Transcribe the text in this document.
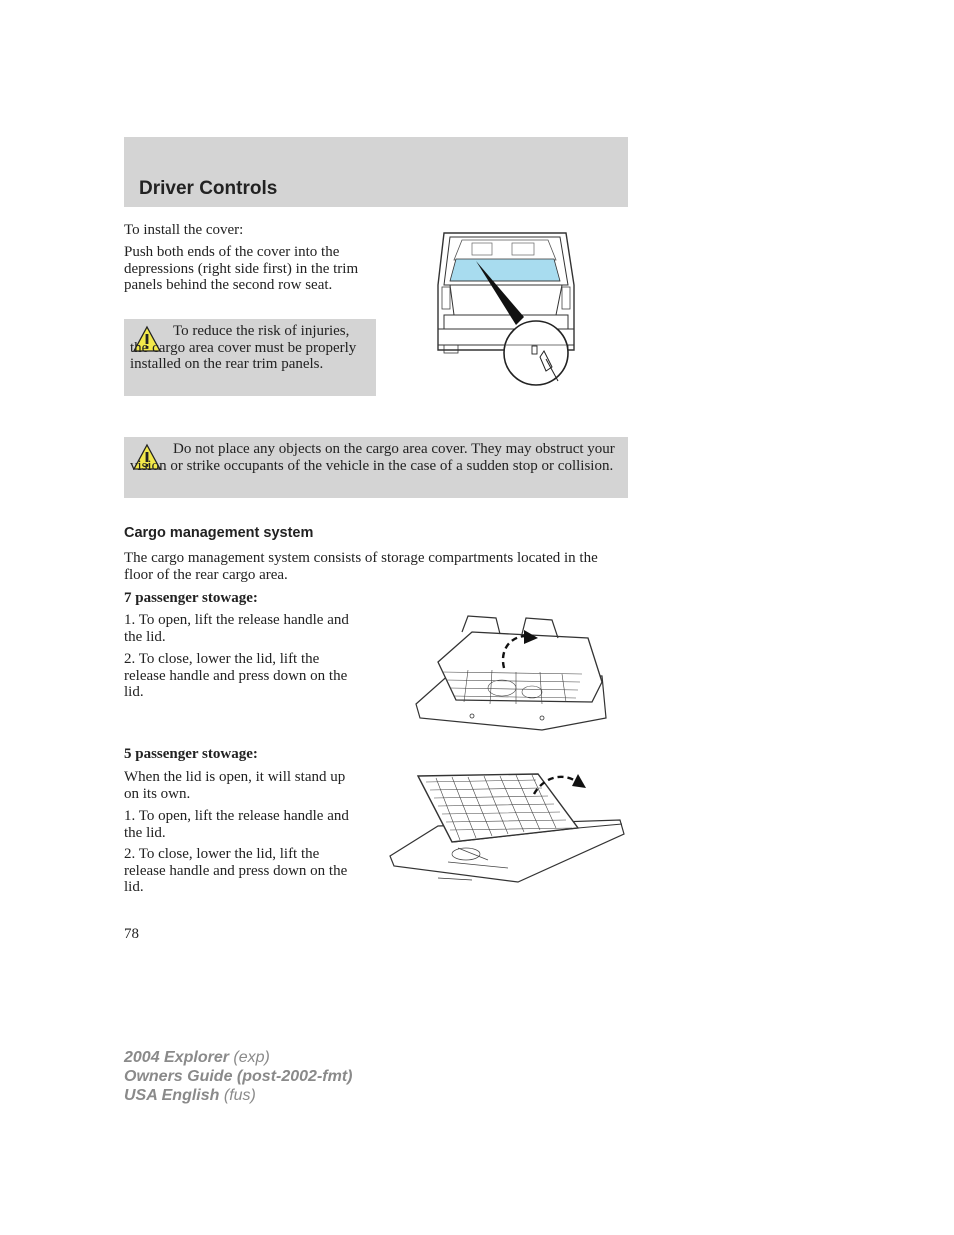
Driver Controls
To install the cover:
Push both ends of the cover into the depressions (right side first) in the trim panels behind the second row seat.
To reduce the risk of injuries, the cargo area cover must be properly installed on the rear trim panels.
Do not place any objects on the cargo area cover. They may obstruct your vision or strike occupants of the vehicle in the case of a sudden stop or collision.
Cargo management system
The cargo management system consists of storage compartments located in the floor of the rear cargo area.
7 passenger stowage:
1. To open, lift the release handle and the lid.
2. To close, lower the lid, lift the release handle and press down on the lid.
5 passenger stowage:
When the lid is open, it will stand up on its own.
1. To open, lift the release handle and the lid.
2. To close, lower the lid, lift the release handle and press down on the lid.
78
2004 Explorer (exp)
Owners Guide (post-2002-fmt)
USA English (fus)
